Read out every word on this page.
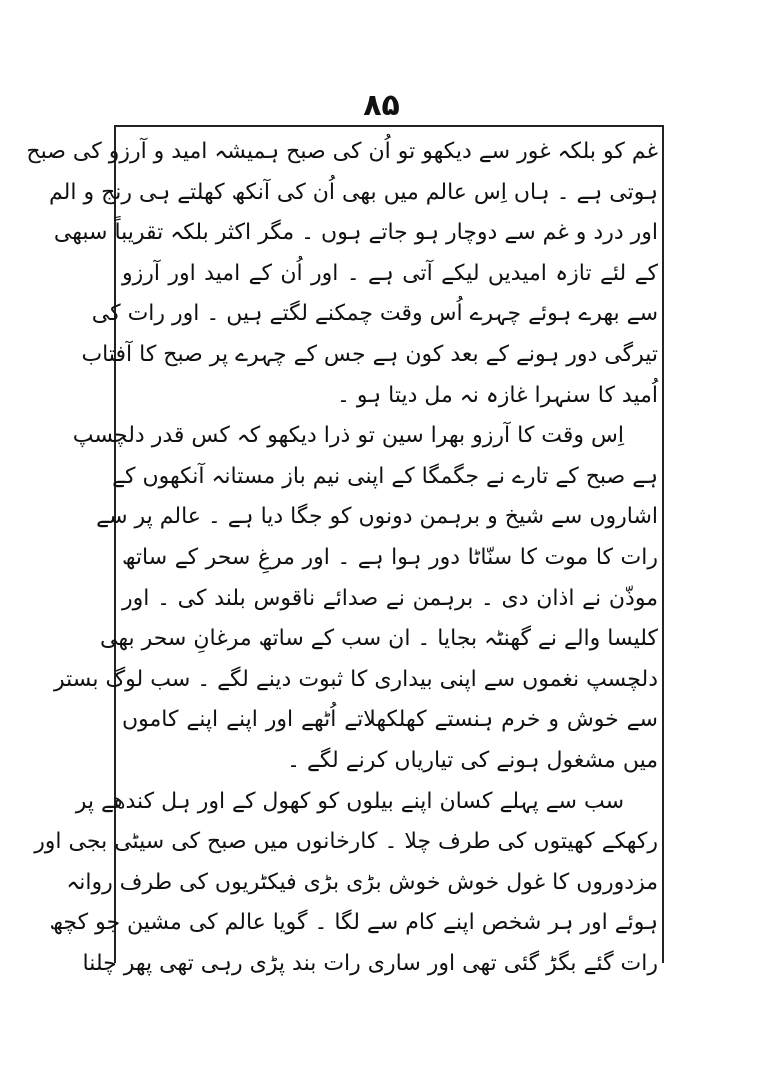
۸۵
غم کو بلکہ غور سے دیکھو تو اُن کی صبح ہمیشہ امید و آرزو کی صبح
ہوتی ہے ۔ ہاں اِس عالم میں بھی اُن کی آنکھ کھلتے ہی رنج و الم
اور درد و غم سے دوچار ہو جاتے ہوں ۔ مگر اکثر بلکہ تقریباً سبھی
کے لئے تازہ امیدیں لیکے آتی ہے ۔ اور اُن کے امید اور آرزو
سے بھرے ہوئے چہرے اُس وقت چمکنے لگتے ہیں ۔ اور رات کی
تیرگی دور ہونے کے بعد کون ہے جس کے چہرے پر صبح کا آفتاب
اُمید کا سنہرا غازہ نہ مل دیتا ہو ۔
اِس وقت کا آرزو بھرا سین تو ذرا دیکھو کہ کس قدر دلچسپ
ہے صبح کے تارے نے جگمگا کے اپنی نیم باز مستانہ آنکھوں کے
اشاروں سے شیخ و برہمن دونوں کو جگا دیا ہے ۔ عالم پر سے
رات کا موت کا سنّاٹا دور ہوا ہے ۔ اور مرغِ سحر کے ساتھ
موذّن نے اذان دی ۔ برہمن نے صدائے ناقوس بلند کی ۔ اور
کلیسا والے نے گھنٹہ بجایا ۔ ان سب کے ساتھ مرغانِ سحر بھی
دلچسپ نغموں سے اپنی بیداری کا ثبوت دینے لگے ۔ سب لوگ بستر
سے خوش و خرم ہنستے کھلکھلاتے اُٹھے اور اپنے اپنے کاموں
میں مشغول ہونے کی تیاریاں کرنے لگے ۔
سب سے پہلے کسان اپنے بیلوں کو کھول کے اور ہل کندھے پر
رکھکے کھیتوں کی طرف چلا ۔ کارخانوں میں صبح کی سیٹی بجی اور
مزدوروں کا غول خوش خوش بڑی بڑی فیکٹریوں کی طرف روانہ
ہوئے اور ہر شخص اپنے کام سے لگا ۔ گویا عالم کی مشین جو کچھ
رات گئے بگڑ گئی تھی اور ساری رات بند پڑی رہی تھی پھر چلنا
